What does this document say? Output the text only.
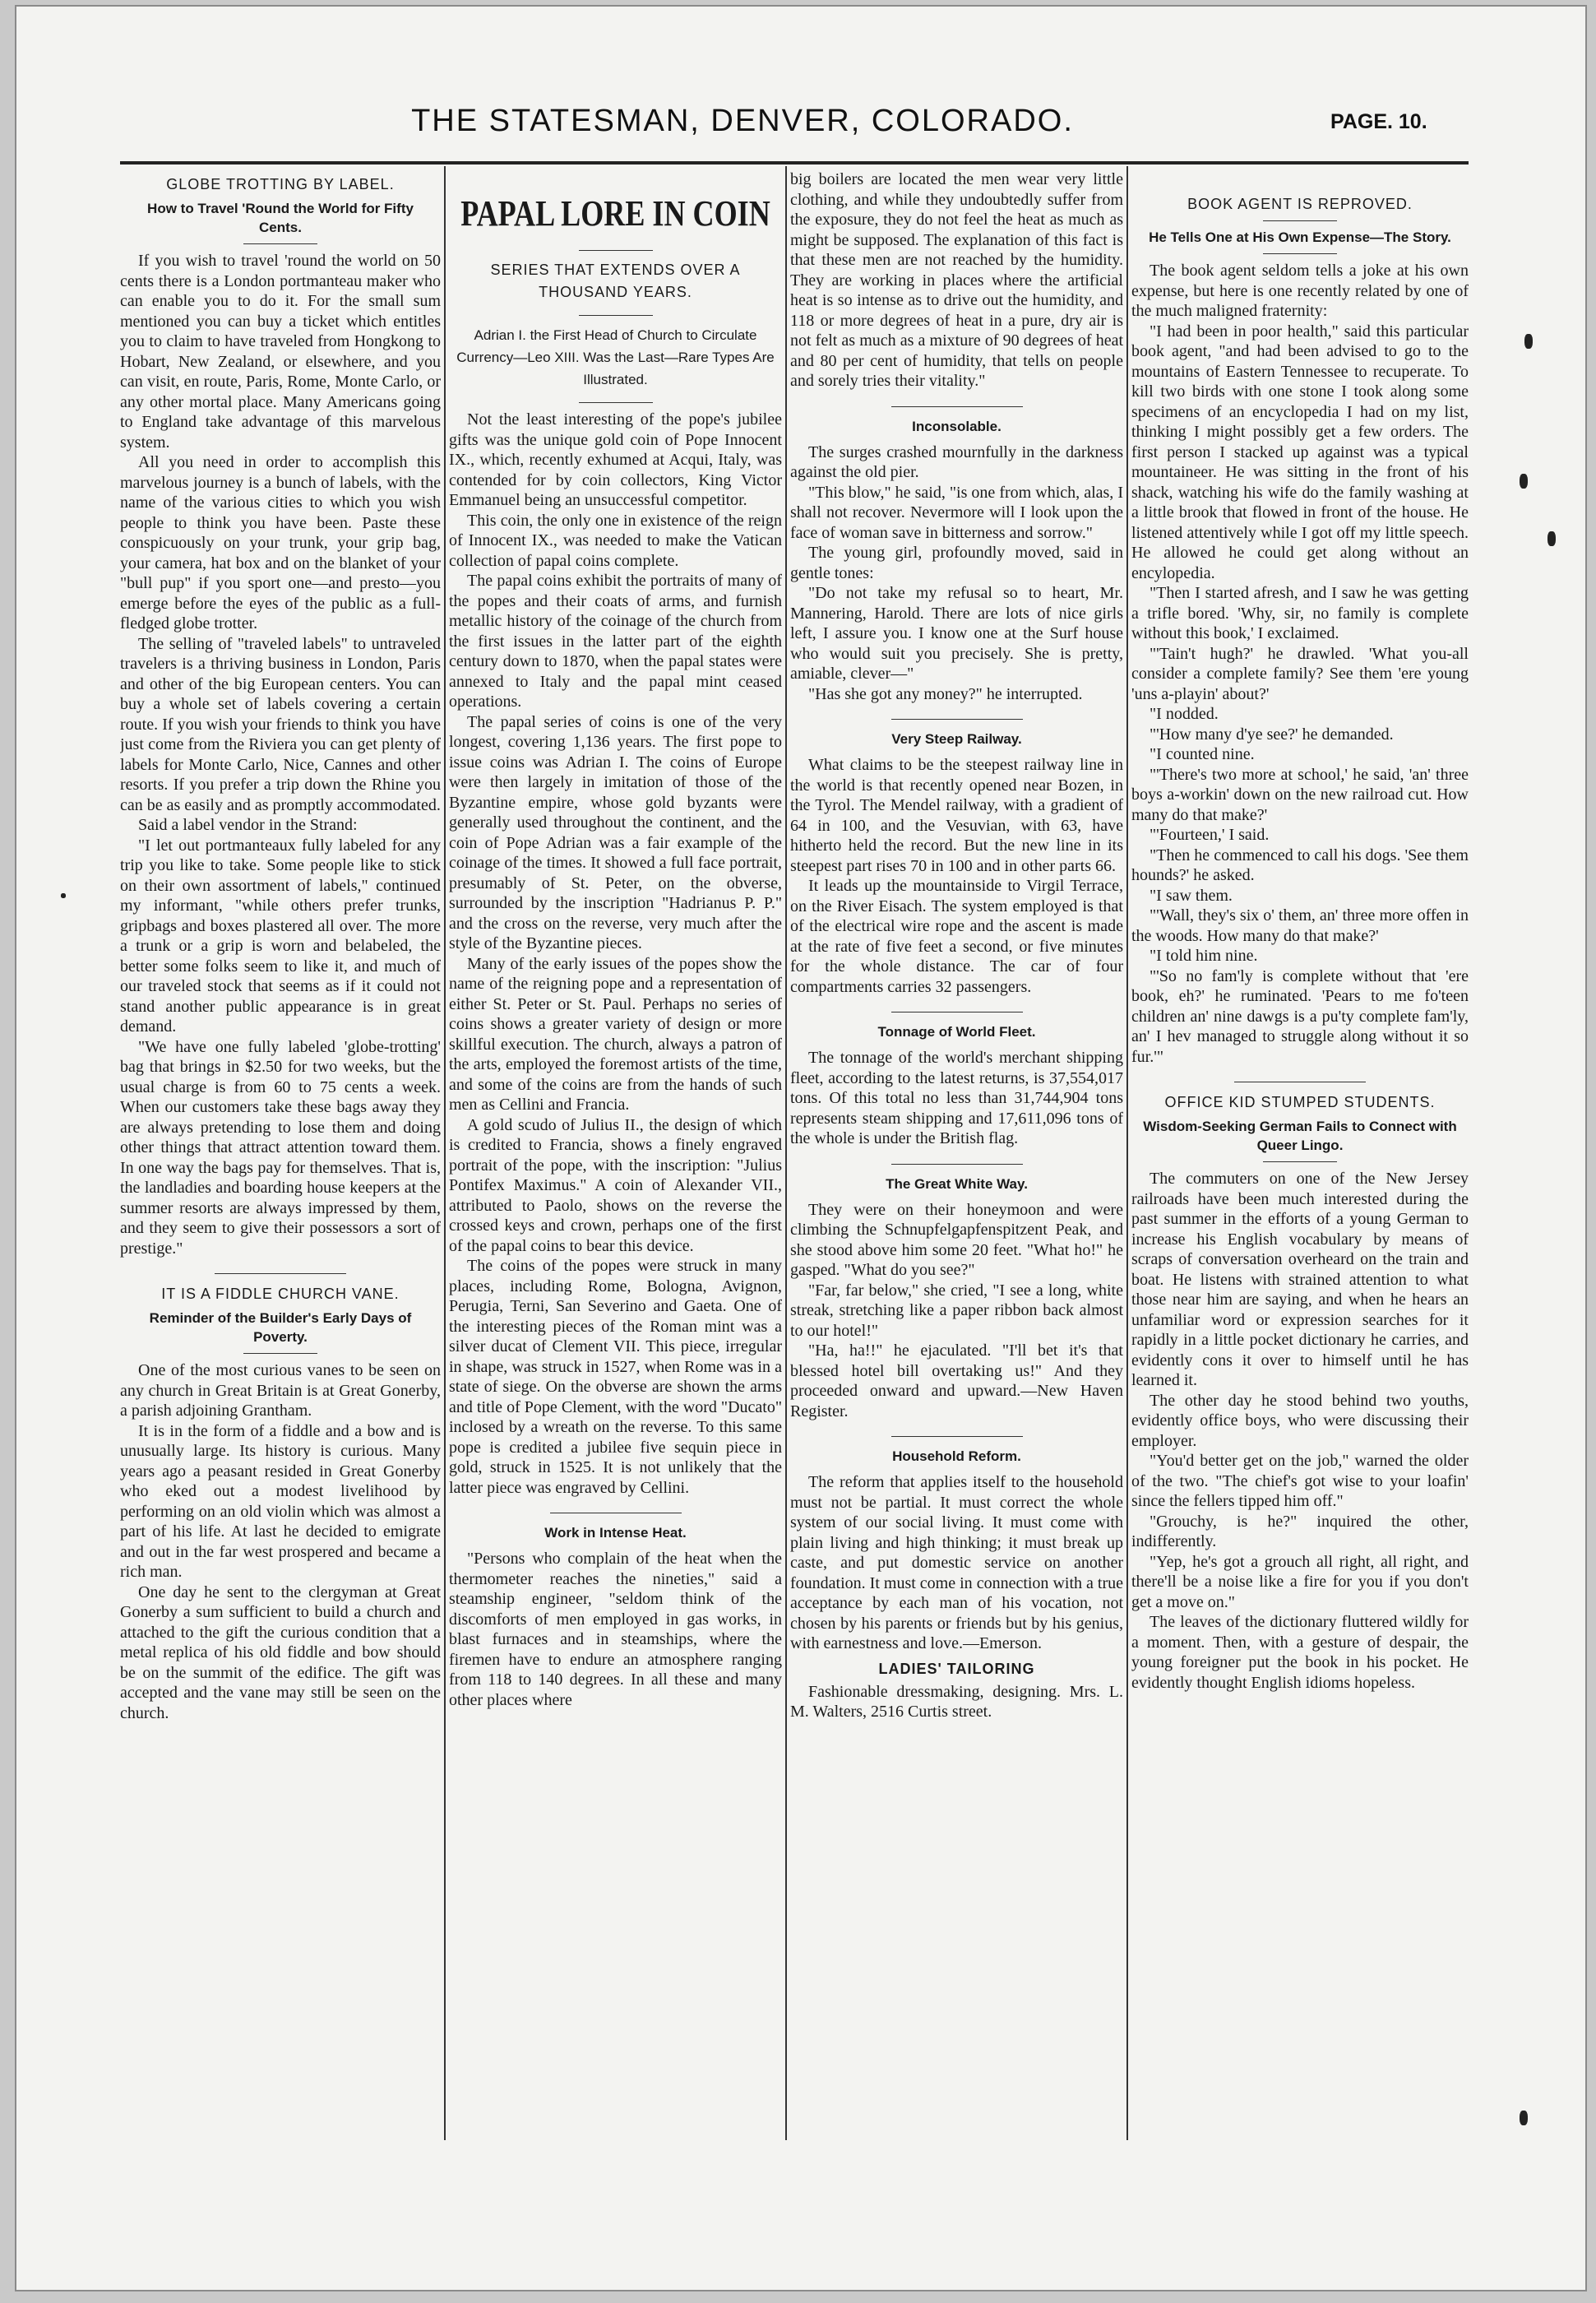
THE STATESMAN, DENVER, COLORADO.	PAGE. 10.
GLOBE TROTTING BY LABEL.
How to Travel 'Round the World for Fifty Cents.

If you wish to travel 'round the world on 50 cents there is a London portmanteau maker who can enable you to do it. For the small sum mentioned you can buy a ticket which entitles you to claim to have traveled from Hongkong to Hobart, New Zealand, or elsewhere, and you can visit, en route, Paris, Rome, Monte Carlo, or any other mortal place. Many Americans going to England take advantage of this marvelous system.

All you need in order to accomplish this marvelous journey is a bunch of labels, with the name of the various cities to which you wish people to think you have been. Paste these conspicuously on your trunk, your grip bag, your camera, hat box and on the blanket of your "bull pup" if you sport one—and presto—you emerge before the eyes of the public as a full-fledged globe trotter.

The selling of "traveled labels" to untraveled travelers is a thriving business in London, Paris and other of the big European centers. You can buy a whole set of labels covering a certain route. If you wish your friends to think you have just come from the Riviera you can get plenty of labels for Monte Carlo, Nice, Cannes and other resorts. If you prefer a trip down the Rhine you can be as easily and as promptly accommodated.

Said a label vendor in the Strand:

"I let out portmanteaux fully labeled for any trip you like to take. Some people like to stick on their own assortment of labels," continued my informant, "while others prefer trunks, gripbags and boxes plastered all over. The more a trunk or a grip is worn and belabeled, the better some folks seem to like it, and much of our traveled stock that seems as if it could not stand another public appearance is in great demand.

"We have one fully labeled 'globe-trotting' bag that brings in $2.50 for two weeks, but the usual charge is from 60 to 75 cents a week. When our customers take these bags away they are always pretending to lose them and doing other things that attract attention toward them. In one way the bags pay for themselves. That is, the landladies and boarding house keepers at the summer resorts are always impressed by them, and they seem to give their possessors a sort of prestige."

IT IS A FIDDLE CHURCH VANE.
Reminder of the Builder's Early Days of Poverty.

One of the most curious vanes to be seen on any church in Great Britain is at Great Gonerby, a parish adjoining Grantham.

It is in the form of a fiddle and a bow and is unusually large. Its history is curious. Many years ago a peasant resided in Great Gonerby who eked out a modest livelihood by performing on an old violin which was almost a part of his life. At last he decided to emigrate and out in the far west prospered and became a rich man.

One day he sent to the clergyman at Great Gonerby a sum sufficient to build a church and attached to the gift the curious condition that a metal replica of his old fiddle and bow should be on the summit of the edifice. The gift was accepted and the vane may still be seen on the church.

PAPAL LORE IN COIN
SERIES THAT EXTENDS OVER A THOUSAND YEARS.
Adrian I. the First Head of Church to Circulate Currency—Leo XIII. Was the Last—Rare Types Are Illustrated.

Not the least interesting of the pope's jubilee gifts was the unique gold coin of Pope Innocent IX., which, recently exhumed at Acqui, Italy, was contended for by coin collectors, King Victor Emmanuel being an unsuccessful competitor.

This coin, the only one in existence of the reign of Innocent IX., was needed to make the Vatican collection of papal coins complete.

The papal coins exhibit the portraits of many of the popes and their coats of arms, and furnish metallic history of the coinage of the church from the first issues in the latter part of the eighth century down to 1870, when the papal states were annexed to Italy and the papal mint ceased operations.

The papal series of coins is one of the very longest, covering 1,136 years. The first pope to issue coins was Adrian I. The coins of Europe were then largely in imitation of those of the Byzantine empire, whose gold byzants were generally used throughout the continent, and the coin of Pope Adrian was a fair example of the coinage of the times. It showed a full face portrait, presumably of St. Peter, on the obverse, surrounded by the inscription "Hadrianus P. P." and the cross on the reverse, very much after the style of the Byzantine pieces.

Many of the early issues of the popes show the name of the reigning pope and a representation of either St. Peter or St. Paul. Perhaps no series of coins shows a greater variety of design or more skillful execution. The church, always a patron of the arts, employed the foremost artists of the time, and some of the coins are from the hands of such men as Cellini and Francia.

A gold scudo of Julius II., the design of which is credited to Francia, shows a finely engraved portrait of the pope, with the inscription: "Julius Pontifex Maximus." A coin of Alexander VII., attributed to Paolo, shows on the reverse the crossed keys and crown, perhaps one of the first of the papal coins to bear this device.

The coins of the popes were struck in many places, including Rome, Bologna, Avignon, Perugia, Terni, San Severino and Gaeta. One of the interesting pieces of the Roman mint was a silver ducat of Clement VII. This piece, irregular in shape, was struck in 1527, when Rome was in a state of siege. On the obverse are shown the arms and title of Pope Clement, with the word "Ducato" inclosed by a wreath on the reverse. To this same pope is credited a jubilee five sequin piece in gold, struck in 1525. It is not unlikely that the latter piece was engraved by Cellini.

Work in Intense Heat.

"Persons who complain of the heat when the thermometer reaches the nineties," said a steamship engineer, "seldom think of the discomforts of men employed in gas works, in blast furnaces and in steamships, where the firemen have to endure an atmosphere ranging from 118 to 140 degrees. In all these and many other places where

big boilers are located the men wear very little clothing, and while they undoubtedly suffer from the exposure, they do not feel the heat as much as might be supposed. The explanation of this fact is that these men are not reached by the humidity. They are working in places where the artificial heat is so intense as to drive out the humidity, and 118 or more degrees of heat in a pure, dry air is not felt as much as a mixture of 90 degrees of heat and 80 per cent of humidity, that tells on people and sorely tries their vitality."

Inconsolable.

The surges crashed mournfully in the darkness against the old pier.

"This blow," he said, "is one from which, alas, I shall not recover. Nevermore will I look upon the face of woman save in bitterness and sorrow."

The young girl, profoundly moved, said in gentle tones:

"Do not take my refusal so to heart, Mr. Mannering, Harold. There are lots of nice girls left, I assure you. I know one at the Surf house who would suit you precisely. She is pretty, amiable, clever—"

"Has she got any money?" he interrupted.

Very Steep Railway.

What claims to be the steepest railway line in the world is that recently opened near Bozen, in the Tyrol. The Mendel railway, with a gradient of 64 in 100, and the Vesuvian, with 63, have hitherto held the record. But the new line in its steepest part rises 70 in 100 and in other parts 66.

It leads up the mountainside to Virgil Terrace, on the River Eisach. The system employed is that of the electrical wire rope and the ascent is made at the rate of five feet a second, or five minutes for the whole distance. The car of four compartments carries 32 passengers.

Tonnage of World Fleet.

The tonnage of the world's merchant shipping fleet, according to the latest returns, is 37,554,017 tons. Of this total no less than 31,744,904 tons represents steam shipping and 17,611,096 tons of the whole is under the British flag.

The Great White Way.

They were on their honeymoon and were climbing the Schnupfelgapfenspitzent Peak, and she stood above him some 20 feet. "What ho!" he gasped. "What do you see?"

"Far, far below," she cried, "I see a long, white streak, stretching like a paper ribbon back almost to our hotel!"

"Ha, ha!!" he ejaculated. "I'll bet it's that blessed hotel bill overtaking us!" And they proceeded onward and upward.—New Haven Register.

Household Reform.

The reform that applies itself to the household must not be partial. It must correct the whole system of our social living. It must come with plain living and high thinking; it must break up caste, and put domestic service on another foundation. It must come in connection with a true acceptance by each man of his vocation, not chosen by his parents or friends but by his genius, with earnestness and love.—Emerson.

LADIES' TAILORING

Fashionable dressmaking, designing. Mrs. L. M. Walters, 2516 Curtis street.

BOOK AGENT IS REPROVED.
He Tells One at His Own Expense—The Story.

The book agent seldom tells a joke at his own expense, but here is one recently related by one of the much maligned fraternity:

"I had been in poor health," said this particular book agent, "and had been advised to go to the mountains of Eastern Tennessee to recuperate. To kill two birds with one stone I took along some specimens of an encyclopedia I had on my list, thinking I might possibly get a few orders. The first person I stacked up against was a typical mountaineer. He was sitting in the front of his shack, watching his wife do the family washing at a little brook that flowed in front of the house. He listened attentively while I got off my little speech. He allowed he could get along without an encylopedia.

"Then I started afresh, and I saw he was getting a trifle bored. 'Why, sir, no family is complete without this book,' I exclaimed.

"'Tain't hugh?' he drawled. 'What you-all consider a complete family? See them 'ere young 'uns a-playin' about?'

"I nodded.

"'How many d'ye see?' he demanded.

"I counted nine.

"'There's two more at school,' he said, 'an' three boys a-workin' down on the new railroad cut. How many do that make?'

"'Fourteen,' I said.

"Then he commenced to call his dogs. 'See them hounds?' he asked.

"I saw them.

"'Wall, they's six o' them, an' three more offen in the woods. How many do that make?'

"I told him nine.

"'So no fam'ly is complete without that 'ere book, eh?' he ruminated. 'Pears to me fo'teen children an' nine dawgs is a pu'ty complete fam'ly, an' I hev managed to struggle along without it so fur.'"

OFFICE KID STUMPED STUDENTS.
Wisdom-Seeking German Fails to Connect with Queer Lingo.

The commuters on one of the New Jersey railroads have been much interested during the past summer in the efforts of a young German to increase his English vocabulary by means of scraps of conversation overheard on the train and boat. He listens with strained attention to what those near him are saying, and when he hears an unfamiliar word or expression searches for it rapidly in a little pocket dictionary he carries, and evidently cons it over to himself until he has learned it.

The other day he stood behind two youths, evidently office boys, who were discussing their employer.

"You'd better get on the job," warned the older of the two. "The chief's got wise to your loafin' since the fellers tipped him off."

"Grouchy, is he?" inquired the other, indifferently.

"Yep, he's got a grouch all right, all right, and there'll be a noise like a fire for you if you don't get a move on."

The leaves of the dictionary fluttered wildly for a moment. Then, with a gesture of despair, the young foreigner put the book in his pocket. He evidently thought English idioms hopeless.
